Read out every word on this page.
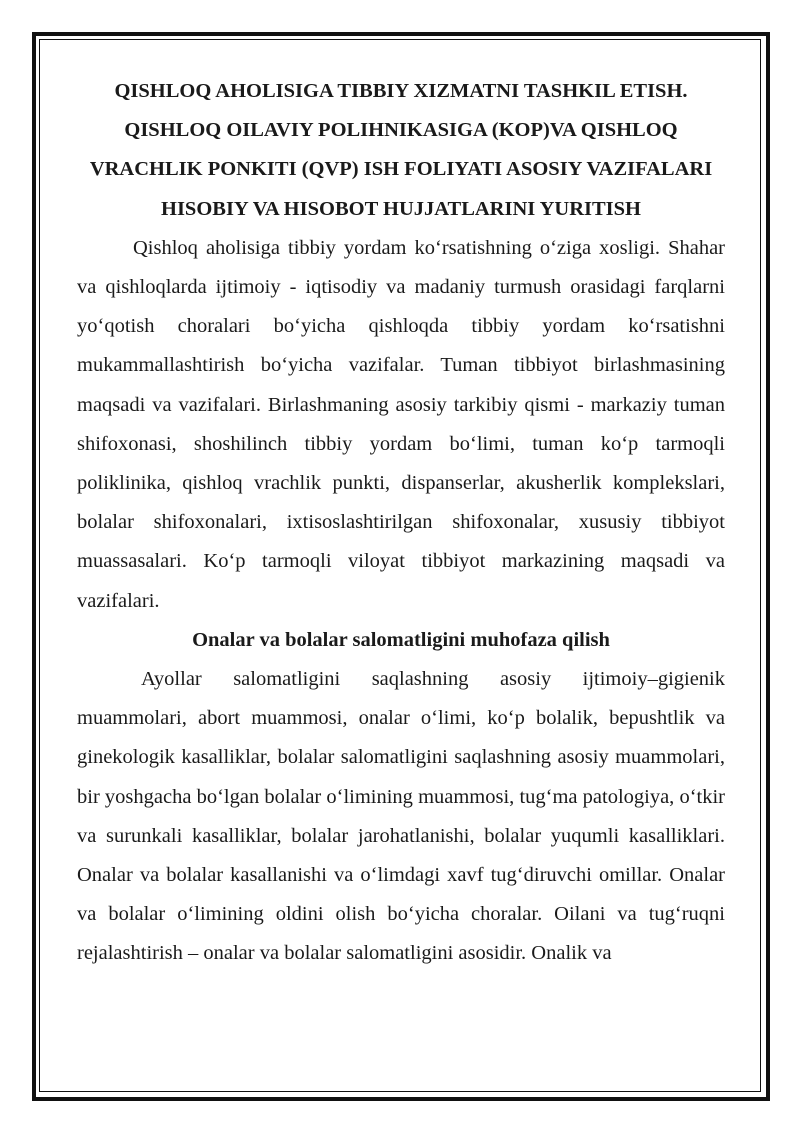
QISHLOQ AHOLISIGA TIBBIY XIZMATNI TASHKIL ETISH. QISHLOQ OILAVIY POLIHNIKASIGA (KOP)VA QISHLOQ VRACHLIK PONKITI (QVP) ISH FOLIYATI ASOSIY VAZIFALARI HISOBIY VA HISOBOT HUJJATLARINI YURITISH

Qishloq aholisiga tibbiy yordam koʻrsatishning oʻziga xosligi. Shahar va qishloqlarda ijtimoiy - iqtisodiy va madaniy turmush orasidagi farqlarni yoʻqotish choralari boʻyicha qishloqda tibbiy yordam koʻrsatishni mukammallashtirish boʻyicha vazifalar. Tuman tibbiyot birlashmasining maqsadi va vazifalari. Birlashmaning asosiy tarkibiy qismi - markaziy tuman shifoxonasi, shoshilinch tibbiy yordam boʻlimi, tuman koʻp tarmoqli poliklinika, qishloq vrachlik punkti, dispanserlar, akusherlik komplekslari, bolalar shifoxonalari, ixtisoslashtirilgan shifoxonalar, xususiy tibbiyot muassasalari. Koʻp tarmoqli viloyat tibbiyot markazining maqsadi va vazifalari.

Onalar va bolalar salomatligini muhofaza qilish

Ayollar salomatligini saqlashning asosiy ijtimoiy–gigienik muammolari, abort muammosi, onalar oʻlimi, koʻp bolalik, bepushtlik va ginekologik kasalliklar, bolalar salomatligini saqlashning asosiy muammolari, bir yoshgacha boʻlgan bolalar oʻlimining muammosi, tugʻma patologiya, oʻtkir va surunkali kasalliklar, bolalar jarohatlanishi, bolalar yuqumli kasalliklari. Onalar va bolalar kasallanishi va oʻlimdagi xavf tugʻdiruvchi omillar. Onalar va bolalar oʻlimining oldini olish boʻyicha choralar. Oilani va tugʻruqni rejalashtirish – onalar va bolalar salomatligini asosidir. Onalik va
